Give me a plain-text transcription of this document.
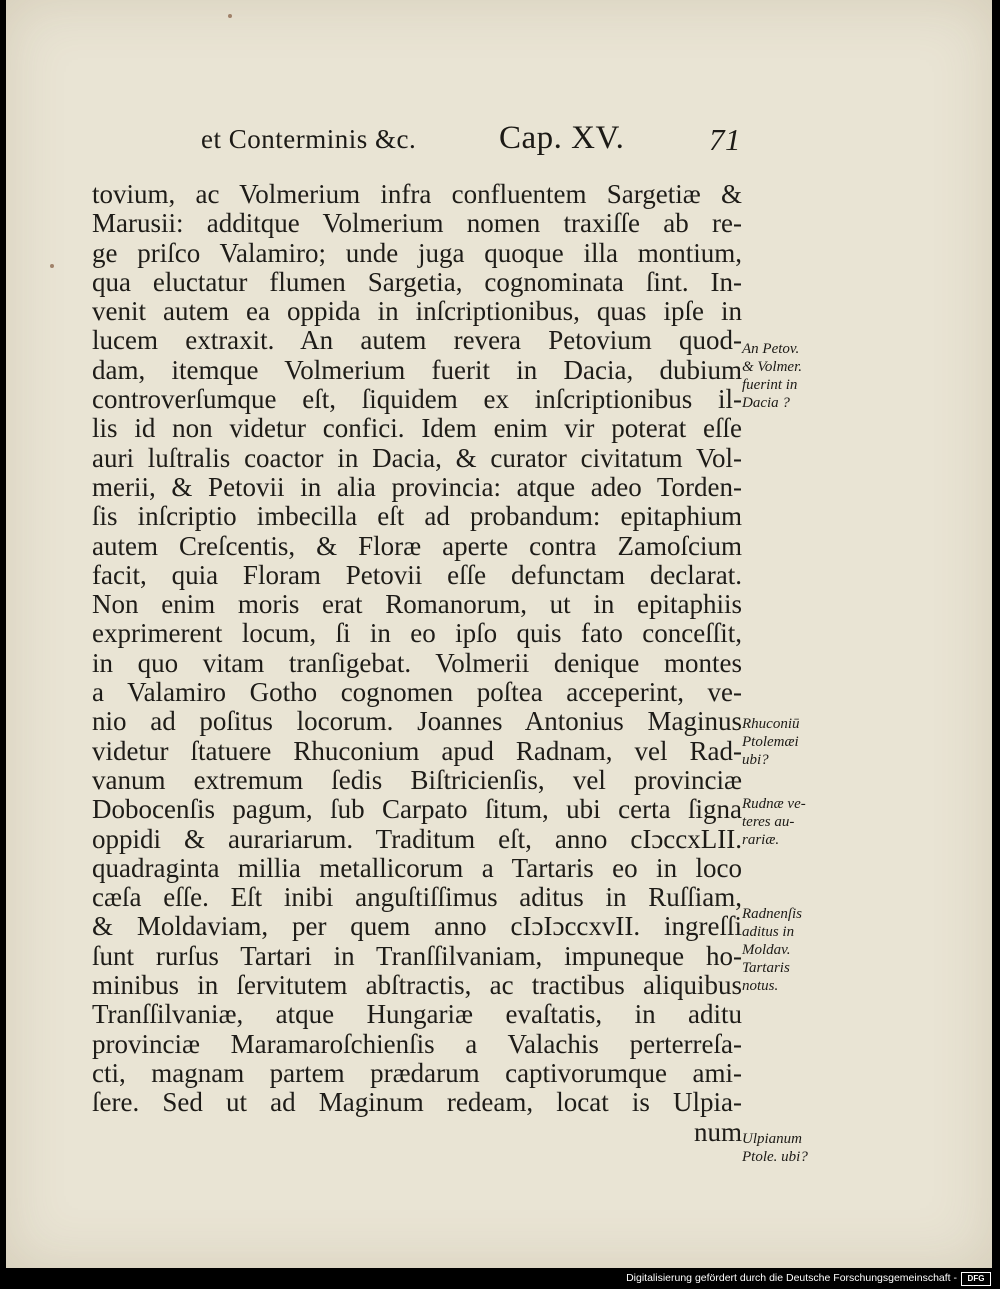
et Conterminis &c.	Cap. XV.	71
tovium, ac Volmerium infra confluentem Sargetiæ &
Marusii: additque Volmerium nomen traxiſſe ab re-
ge priſco Valamiro; unde juga quoque illa montium,
qua eluctatur flumen Sargetia, cognominata ſint. In-
venit autem ea oppida in inſcriptionibus, quas ipſe in
lucem extraxit. An autem revera Petovium quod-
dam, itemque Volmerium fuerit in Dacia, dubium
controverſumque eſt, ſiquidem ex inſcriptionibus il-
lis id non videtur confici. Idem enim vir poterat eſſe
auri luſtralis coactor in Dacia, & curator civitatum Vol-
merii, & Petovii in alia provincia: atque adeo Torden-
ſis inſcriptio imbecilla eſt ad probandum: epitaphium
autem Creſcentis, & Floræ aperte contra Zamoſcium
facit, quia Floram Petovii eſſe defunctam declarat.
Non enim moris erat Romanorum, ut in epitaphiis
exprimerent locum, ſi in eo ipſo quis fato conceſſit,
in quo vitam tranſigebat. Volmerii denique montes
a Valamiro Gotho cognomen poſtea acceperint, ve-
nio ad poſitus locorum. Joannes Antonius Maginus
videtur ſtatuere Rhuconium apud Radnam, vel Rad-
vanum extremum ſedis Biſtricienſis, vel provinciæ
Dobocenſis pagum, ſub Carpato ſitum, ubi certa ſigna
oppidi & aurariarum. Traditum eſt, anno cIɔccxLII.
quadraginta millia metallicorum a Tartaris eo in loco
cæſa eſſe. Eſt inibi anguſtiſſimus aditus in Ruſſiam,
& Moldaviam, per quem anno cIɔIɔccxvII. ingreſſi
ſunt rurſus Tartari in Tranſſilvaniam, impuneque ho-
minibus in ſervitutem abſtractis, ac tractibus aliquibus
Tranſſilvaniæ, atque Hungariæ evaſtatis, in aditu
provinciæ Maramaroſchienſis a Valachis perterreſa-
cti, magnam partem prædarum captivorumque ami-
ſere. Sed ut ad Maginum redeam, locat is Ulpia-
num
An Petov.
& Volmer.
fuerint in
Dacia ?
Rhuconiū
Ptolemæi
ubi?
Rudnæ ve-
teres au-
rariæ.
Radnenſis
aditus in
Moldav.
Tartaris
notus.
Ulpianum
Ptole. ubi?
Digitalisierung gefördert durch die Deutsche Forschungsgemeinschaft -	DFG
